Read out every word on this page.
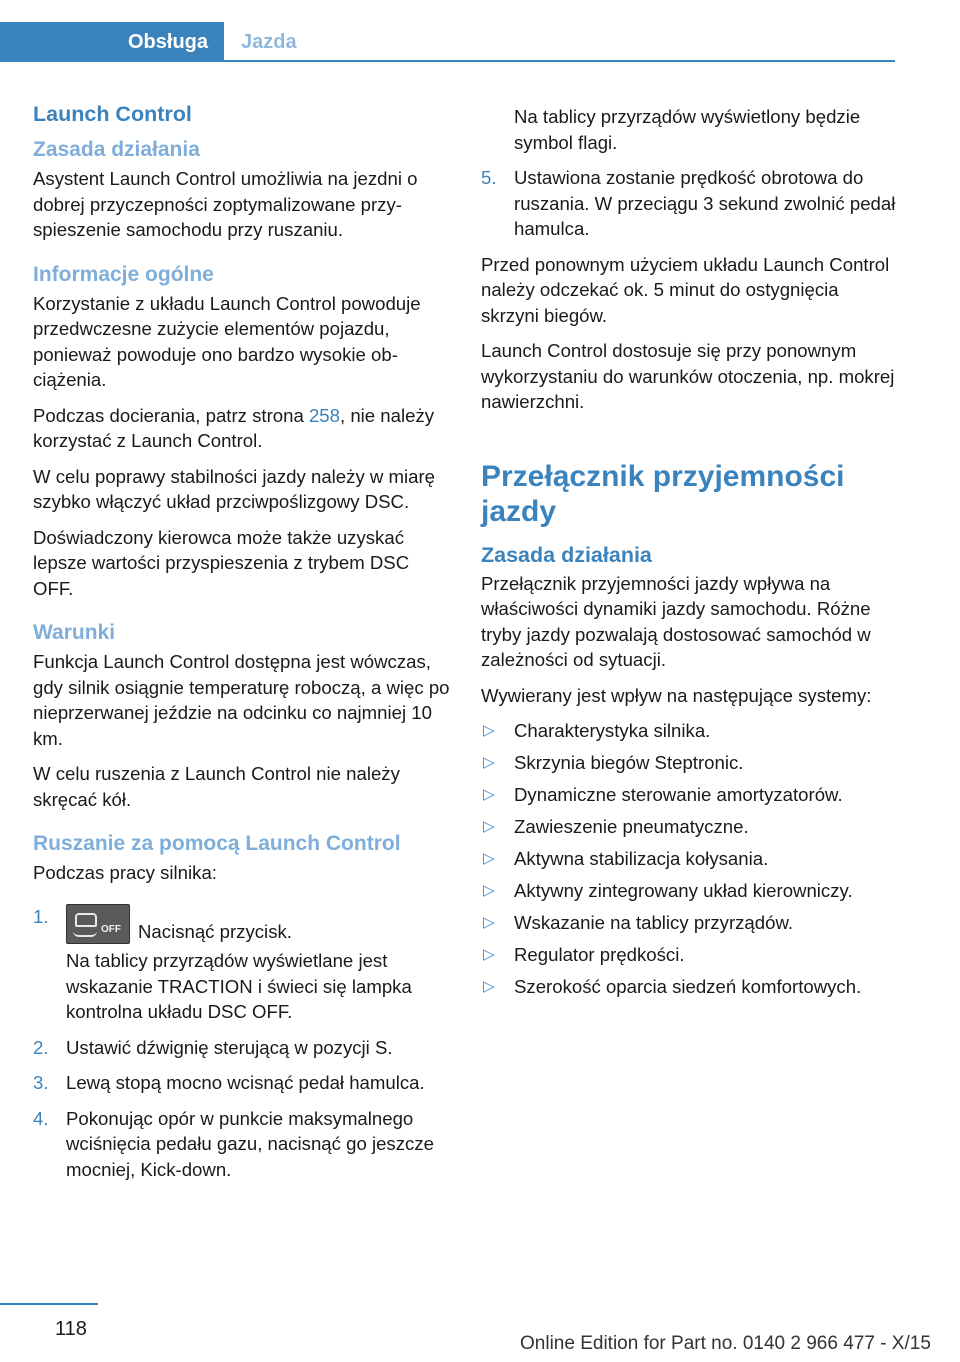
Obsługa	Jazda
Launch Control
Zasada działania

Asystent Launch Control umożliwia na jezdni o dobrej przyczepności zoptymalizowane przyspieszenie samochodu przy ruszaniu.

Informacje ogólne

Korzystanie z układu Launch Control powoduje przedwczesne zużycie elementów pojazdu, ponieważ powoduje ono bardzo wysokie obciążenia.

Podczas docierania, patrz strona 258, nie należy korzystać z Launch Control.

W celu poprawy stabilności jazdy należy w miarę szybko włączyć układ przciwpoślizgowy DSC.

Doświadczony kierowca może także uzyskać lepsze wartości przyspieszenia z trybem DSC OFF.

Warunki

Funkcja Launch Control dostępna jest wówczas, gdy silnik osiągnie temperaturę roboczą, a więc po nieprzerwanej jeździe na odcinku co najmniej 10 km.

W celu ruszenia z Launch Control nie należy skręcać kół.

Ruszanie za pomocą Launch Control

Podczas pracy silnika:

1.
OFF Nacisnąć przycisk.
Na tablicy przyrządów wyświetlane jest wskazanie TRACTION i świeci się lampka kontrolna układu DSC OFF.
2. Ustawić dźwignię sterującą w pozycji S.
3. Lewą stopą mocno wcisnąć pedał hamulca.
4. Pokonując opór w punkcie maksymalnego wciśnięcia pedału gazu, nacisnąć go jeszcze mocniej, Kick-down.
Na tablicy przyrządów wyświetlony będzie symbol flagi.
5. Ustawiona zostanie prędkość obrotowa do ruszania. W przeciągu 3 sekund zwolnić pedał hamulca.

Przed ponownym użyciem układu Launch Control należy odczekać ok. 5 minut do ostygnięcia skrzyni biegów.

Launch Control dostosuje się przy ponownym wykorzystaniu do warunków otoczenia, np. mokrej nawierzchni.

Przełącznik przyjemności jazdy
Zasada działania

Przełącznik przyjemności jazdy wpływa na właściwości dynamiki jazdy samochodu. Różne tryby jazdy pozwalają dostosować samochód w zależności od sytuacji.

Wywierany jest wpływ na następujące systemy:

▷ Charakterystyka silnika.
▷ Skrzynia biegów Steptronic.
▷ Dynamiczne sterowanie amortyzatorów.
▷ Zawieszenie pneumatyczne.
▷ Aktywna stabilizacja kołysania.
▷ Aktywny zintegrowany układ kierowniczy.
▷ Wskazanie na tablicy przyrządów.
▷ Regulator prędkości.
▷ Szerokość oparcia siedzeń komfortowych.
118
Online Edition for Part no. 0140 2 966 477 - X/15
